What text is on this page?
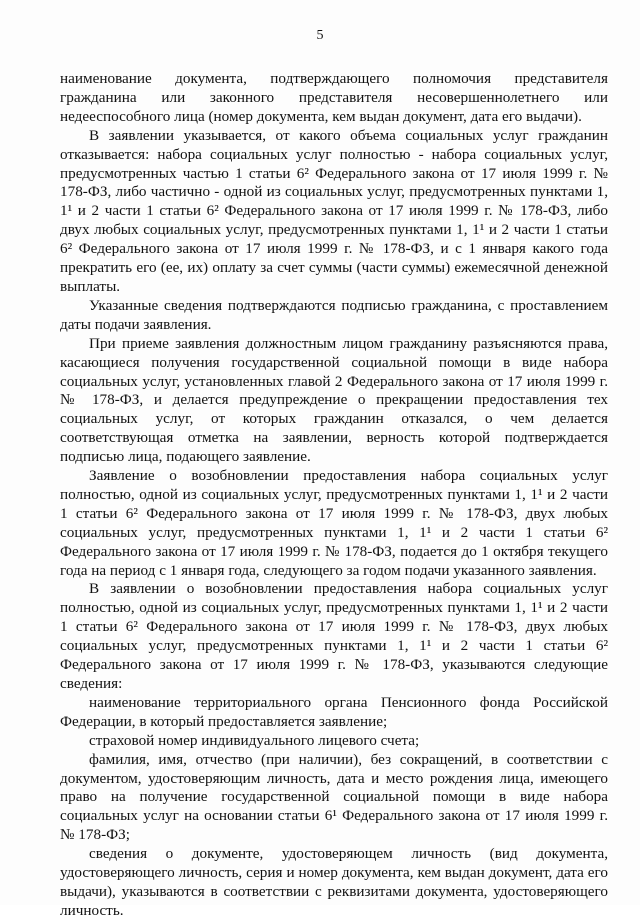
5

наименование документа, подтверждающего полномочия представителя гражданина или законного представителя несовершеннолетнего или недееспособного лица (номер документа, кем выдан документ, дата его выдачи).

В заявлении указывается, от какого объема социальных услуг гражданин отказывается: набора социальных услуг полностью - набора социальных услуг, предусмотренных частью 1 статьи 6² Федерального закона от 17 июля 1999 г. № 178-ФЗ, либо частично - одной из социальных услуг, предусмотренных пунктами 1, 1¹ и 2 части 1 статьи 6² Федерального закона от 17 июля 1999 г. № 178-ФЗ, либо двух любых социальных услуг, предусмотренных пунктами 1, 1¹ и 2 части 1 статьи 6² Федерального закона от 17 июля 1999 г. № 178-ФЗ, и с 1 января какого года прекратить его (ее, их) оплату за счет суммы (части суммы) ежемесячной денежной выплаты.

Указанные сведения подтверждаются подписью гражданина, с проставлением даты подачи заявления.

При приеме заявления должностным лицом гражданину разъясняются права, касающиеся получения государственной социальной помощи в виде набора социальных услуг, установленных главой 2 Федерального закона от 17 июля 1999 г. № 178-ФЗ, и делается предупреждение о прекращении предоставления тех социальных услуг, от которых гражданин отказался, о чем делается соответствующая отметка на заявлении, верность которой подтверждается подписью лица, подающего заявление.

Заявление о возобновлении предоставления набора социальных услуг полностью, одной из социальных услуг, предусмотренных пунктами 1, 1¹ и 2 части 1 статьи 6² Федерального закона от 17 июля 1999 г. № 178-ФЗ, двух любых социальных услуг, предусмотренных пунктами 1, 1¹ и 2 части 1 статьи 6² Федерального закона от 17 июля 1999 г. № 178-ФЗ, подается до 1 октября текущего года на период с 1 января года, следующего за годом подачи указанного заявления.

В заявлении о возобновлении предоставления набора социальных услуг полностью, одной из социальных услуг, предусмотренных пунктами 1, 1¹ и 2 части 1 статьи 6² Федерального закона от 17 июля 1999 г. № 178-ФЗ, двух любых социальных услуг, предусмотренных пунктами 1, 1¹ и 2 части 1 статьи 6² Федерального закона от 17 июля 1999 г. № 178-ФЗ, указываются следующие сведения:

наименование территориального органа Пенсионного фонда Российской Федерации, в который предоставляется заявление;

страховой номер индивидуального лицевого счета;

фамилия, имя, отчество (при наличии), без сокращений, в соответствии с документом, удостоверяющим личность, дата и место рождения лица, имеющего право на получение государственной социальной помощи в виде набора социальных услуг на основании статьи 6¹ Федерального закона от 17 июля 1999 г. № 178-ФЗ;

сведения о документе, удостоверяющем личность (вид документа, удостоверяющего личность, серия и номер документа, кем выдан документ, дата его выдачи), указываются в соответствии с реквизитами документа, удостоверяющего личность.
